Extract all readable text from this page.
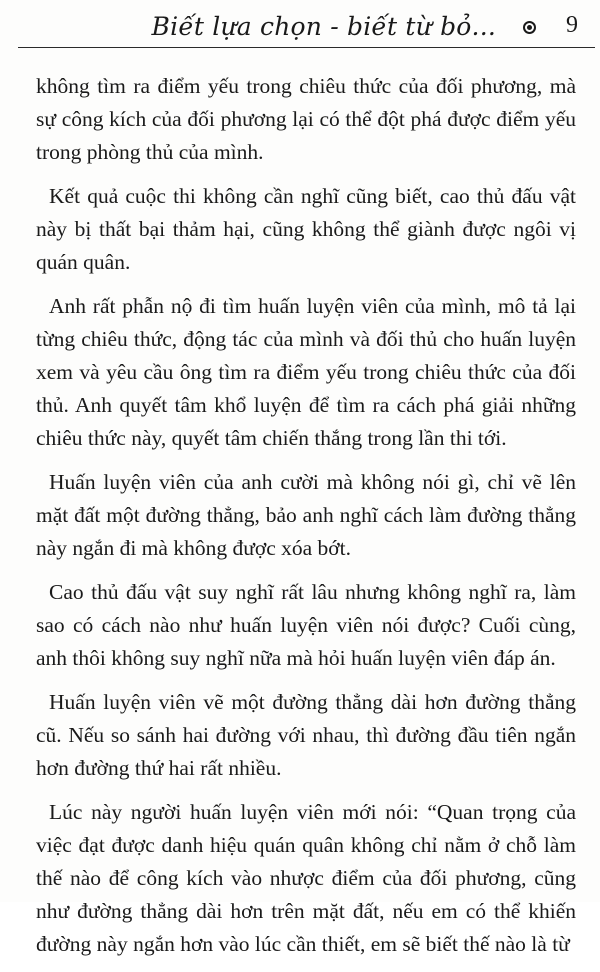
Biết lựa chọn - biết từ bỏ...	9

không tìm ra điểm yếu trong chiêu thức của đối phương, mà sự công kích của đối phương lại có thể đột phá được điểm yếu trong phòng thủ của mình.

Kết quả cuộc thi không cần nghĩ cũng biết, cao thủ đấu vật này bị thất bại thảm hại, cũng không thể giành được ngôi vị quán quân.

Anh rất phẫn nộ đi tìm huấn luyện viên của mình, mô tả lại từng chiêu thức, động tác của mình và đối thủ cho huấn luyện xem và yêu cầu ông tìm ra điểm yếu trong chiêu thức của đối thủ. Anh quyết tâm khổ luyện để tìm ra cách phá giải những chiêu thức này, quyết tâm chiến thắng trong lần thi tới.

Huấn luyện viên của anh cười mà không nói gì, chỉ vẽ lên mặt đất một đường thẳng, bảo anh nghĩ cách làm đường thẳng này ngắn đi mà không được xóa bớt.

Cao thủ đấu vật suy nghĩ rất lâu nhưng không nghĩ ra, làm sao có cách nào như huấn luyện viên nói được? Cuối cùng, anh thôi không suy nghĩ nữa mà hỏi huấn luyện viên đáp án.

Huấn luyện viên vẽ một đường thẳng dài hơn đường thẳng cũ. Nếu so sánh hai đường với nhau, thì đường đầu tiên ngắn hơn đường thứ hai rất nhiều.

Lúc này người huấn luyện viên mới nói: “Quan trọng của việc đạt được danh hiệu quán quân không chỉ nằm ở chỗ làm thế nào để công kích vào nhược điểm của đối phương, cũng như đường thẳng dài hơn trên mặt đất, nếu em có thể khiến đường này ngắn hơn vào lúc cần thiết, em sẽ biết thế nào là từ
